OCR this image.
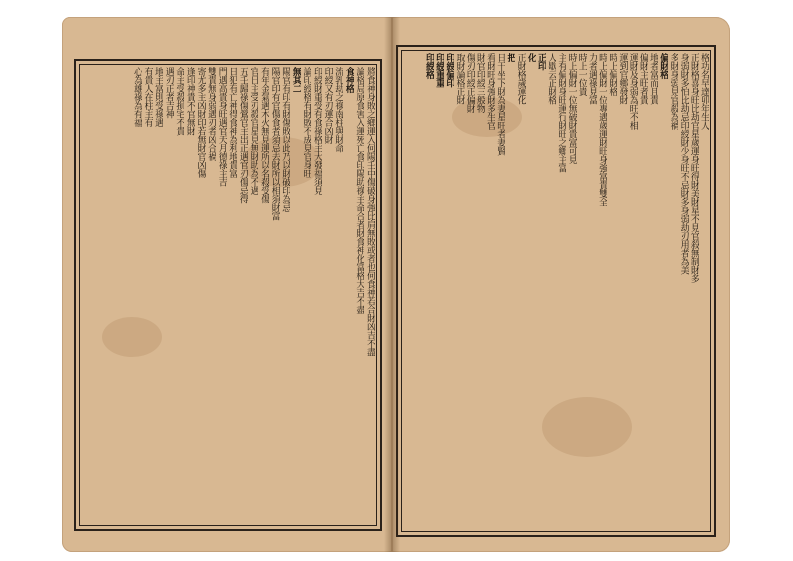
將食神身敗之鄉運入何陽壬中傷破身強比肩無敗或者也何食神若合財凶吉不盡
論格局原食害入運死亡食印陽助祿主命合者財食神化富格大吉不盡
食神格
流乳劫之祿南柱與財命
印綬又有刃運合凶財
印綬財重受有食祿格主大發福須見
論印綬格有財敗不成見官身旺
無其二
陽官有印有財傷敗以此乃以財破印為忌
陽官印有官傷食者須忌去財所以相須財富
有年金氣遇木火無見運所以名殺受傷
官日主受刃殺官星見無財助為不遇
五壬歸祿傷鶯官主出正遇官刃傷忌得
日犯有亡神得食神為利地貴富
門遇高貴身旺遇官天月德祿主吉
雙貴無身弱遇刃者凶合禍
寄尤多主凶財印若無財官凶傷
逢印神貴不官無財
命主受殺損宅不貴
遇刃正者吉神
地主富則受祿遇
有貴人在柱主有
心為雄祿為有福	格功名早達卯年生人
正財格喜身旺比劫官星歲運身旺得財美財星不見官殺無制財多
身弱財多怕比劫忌印綬財少身旺不忌財多身弱劫刃用者為美
多財身弱見官殺為禍
偏財格
地者富而且貴
偏財主旺者貴
運財及身弱為旺不相
運到官鄉發財
時上偏財格
時上偏財一位專遇歲運財旺身強富貴雙全
力者遇祿見富
時上一位貴
時上偏財一位無破財貴富可見
主有偏財身旺運行財旺之鄉主富
人歇云正財格
正印
化
正財格歲運化
把
日干坐下財為妻星旺者妻賢
看財旺身強財多生官
財官印綬三般物
傷刃印綬正偏財
取財論格正財
印綬偏印
印綬重重
印綬格
